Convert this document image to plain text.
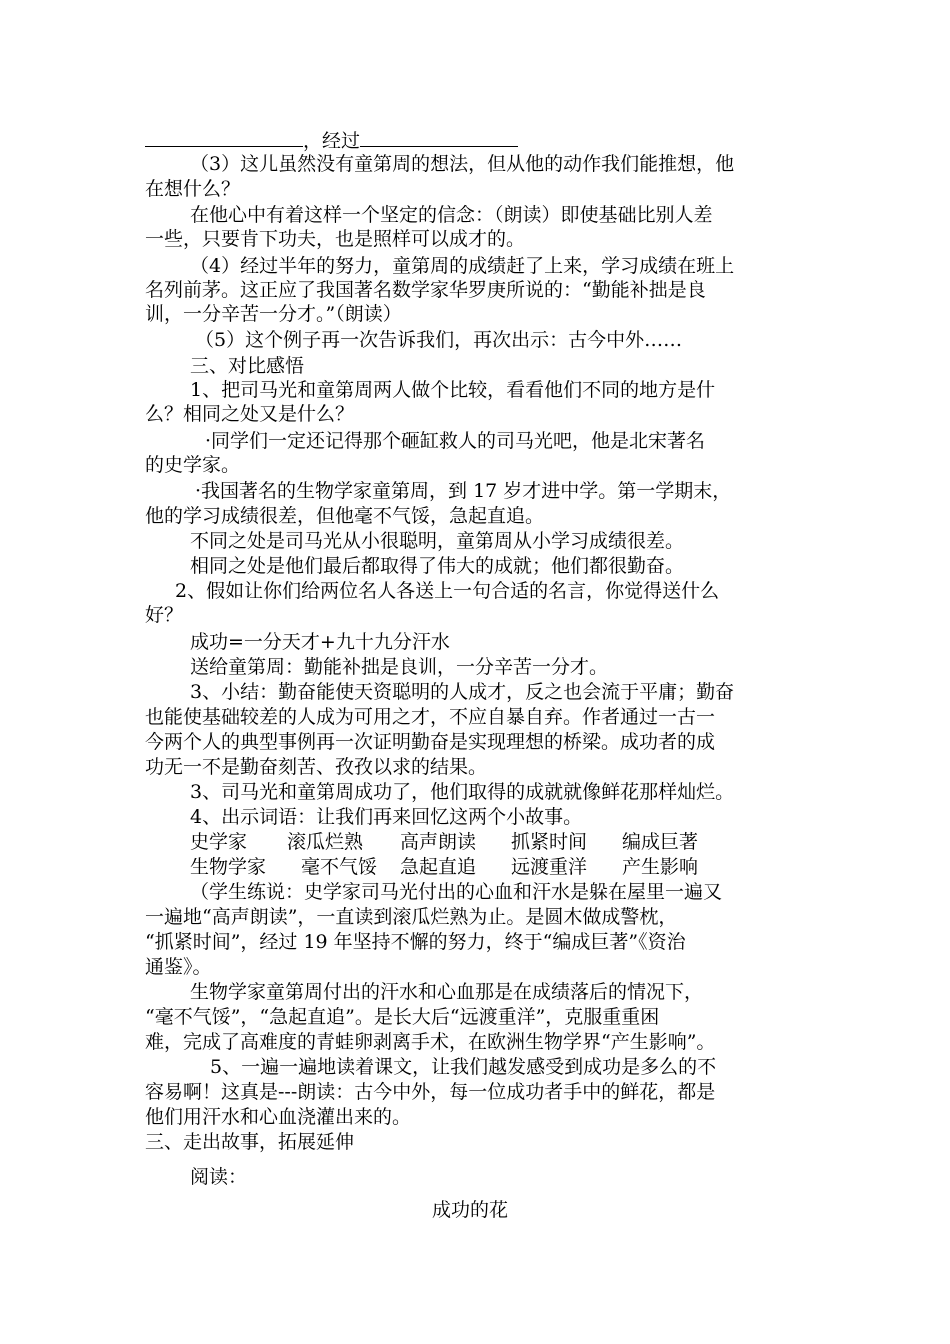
，经过
（3）这儿虽然没有童第周的想法，但从他的动作我们能推想，他
在想什么？
在他心中有着这样一个坚定的信念：（朗读）即使基础比别人差
一些，只要肯下功夫，也是照样可以成才的。
（4）经过半年的努力，童第周的成绩赶了上来，学习成绩在班上
名列前茅。这正应了我国著名数学家华罗庚所说的：“勤能补拙是良
训，一分辛苦一分才。”（朗读）
（5）这个例子再一次告诉我们，再次出示：古今中外……
三、对比感悟
1、把司马光和童第周两人做个比较，看看他们不同的地方是什
么？相同之处又是什么？
·同学们一定还记得那个砸缸救人的司马光吧，他是北宋著名
的史学家。
·我国著名的生物学家童第周，到 17 岁才进中学。第一学期末，
他的学习成绩很差，但他毫不气馁，急起直追。
不同之处是司马光从小很聪明，童第周从小学习成绩很差。
相同之处是他们最后都取得了伟大的成就；他们都很勤奋。
2、假如让你们给两位名人各送上一句合适的名言，你觉得送什么
好？
成功=一分天才+九十九分汗水
送给童第周：勤能补拙是良训，一分辛苦一分才。
3、小结：勤奋能使天资聪明的人成才，反之也会流于平庸；勤奋
也能使基础较差的人成为可用之才，不应自暴自弃。作者通过一古一
今两个人的典型事例再一次证明勤奋是实现理想的桥梁。成功者的成
功无一不是勤奋刻苦、孜孜以求的结果。
3、司马光和童第周成功了，他们取得的成就就像鲜花那样灿烂。
4、出示词语：让我们再来回忆这两个小故事。
史学家 滚瓜烂熟 高声朗读 抓紧时间 编成巨著
生物学家 毫不气馁 急起直追 远渡重洋 产生影响
（学生练说：史学家司马光付出的心血和汗水是躲在屋里一遍又
一遍地“高声朗读”，一直读到滚瓜烂熟为止。是圆木做成警枕，
“抓紧时间”，经过 19 年坚持不懈的努力，终于“编成巨著”《资治
通鉴》。
生物学家童第周付出的汗水和心血那是在成绩落后的情况下，
“毫不气馁”，“急起直追”。是长大后“远渡重洋”，克服重重困
难，完成了高难度的青蛙卵剥离手术，在欧洲生物学界“产生影响”。
5、一遍一遍地读着课文，让我们越发感受到成功是多么的不
容易啊！这真是---朗读：古今中外，每一位成功者手中的鲜花，都是
他们用汗水和心血浇灌出来的。
三、走出故事，拓展延伸
阅读：
成功的花
